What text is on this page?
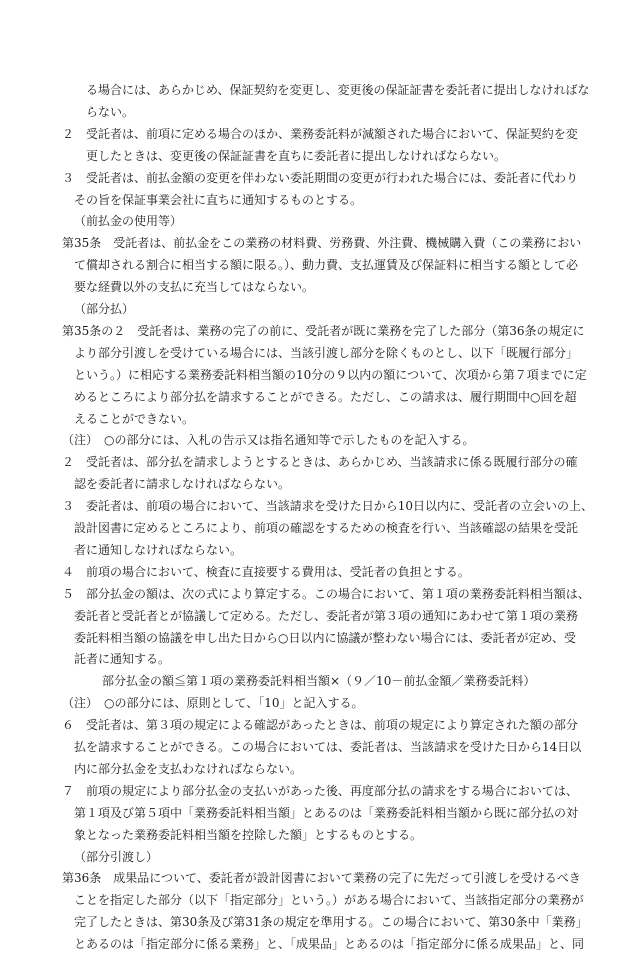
る場合には、あらかじめ、保証契約を変更し、変更後の保証証書を委託者に提出しなければな
らない。
２　受託者は、前項に定める場合のほか、業務委託料が減額された場合において、保証契約を変
更したときは、変更後の保証証書を直ちに委託者に提出しなければならない。
３　受託者は、前払金額の変更を伴わない委託期間の変更が行われた場合には、委託者に代わり
その旨を保証事業会社に直ちに通知するものとする。
（前払金の使用等）
第35条　受託者は、前払金をこの業務の材料費、労務費、外注費、機械購入費（この業務におい
て償却される割合に相当する額に限る。）、動力費、支払運賃及び保証料に相当する額として必
要な経費以外の支払に充当してはならない。
（部分払）
第35条の２　受託者は、業務の完了の前に、受託者が既に業務を完了した部分（第36条の規定に
より部分引渡しを受けている場合には、当該引渡し部分を除くものとし、以下「既履行部分」
という。）に相応する業務委託料相当額の10分の９以内の額について、次項から第７項までに定
めるところにより部分払を請求することができる。ただし、この請求は、履行期間中○回を超
えることができない。
（注）　○の部分には、入札の告示又は指名通知等で示したものを記入する。
２　受託者は、部分払を請求しようとするときは、あらかじめ、当該請求に係る既履行部分の確
認を委託者に請求しなければならない。
３　委託者は、前項の場合において、当該請求を受けた日から10日以内に、受託者の立会いの上、
設計図書に定めるところにより、前項の確認をするための検査を行い、当該確認の結果を受託
者に通知しなければならない。
４　前項の場合において、検査に直接要する費用は、受託者の負担とする。
５　部分払金の額は、次の式により算定する。この場合において、第１項の業務委託料相当額は、
委託者と受託者とが協議して定める。ただし、委託者が第３項の通知にあわせて第１項の業務
委託料相当額の協議を申し出た日から○日以内に協議が整わない場合には、委託者が定め、受
託者に通知する。
部分払金の額≦第１項の業務委託料相当額×（９／10－前払金額／業務委託料）
（注）　○の部分には、原則として、「10」と記入する。
６　受託者は、第３項の規定による確認があったときは、前項の規定により算定された額の部分
払を請求することができる。この場合においては、委託者は、当該請求を受けた日から14日以
内に部分払金を支払わなければならない。
７　前項の規定により部分払金の支払いがあった後、再度部分払の請求をする場合においては、
第１項及び第５項中「業務委託料相当額」とあるのは「業務委託料相当額から既に部分払の対
象となった業務委託料相当額を控除した額」とするものとする。
（部分引渡し）
第36条　成果品について、委託者が設計図書において業務の完了に先だって引渡しを受けるべき
ことを指定した部分（以下「指定部分」という。）がある場合において、当該指定部分の業務が
完了したときは、第30条及び第31条の規定を準用する。この場合において、第30条中「業務」
とあるのは「指定部分に係る業務」と、「成果品」とあるのは「指定部分に係る成果品」と、同
